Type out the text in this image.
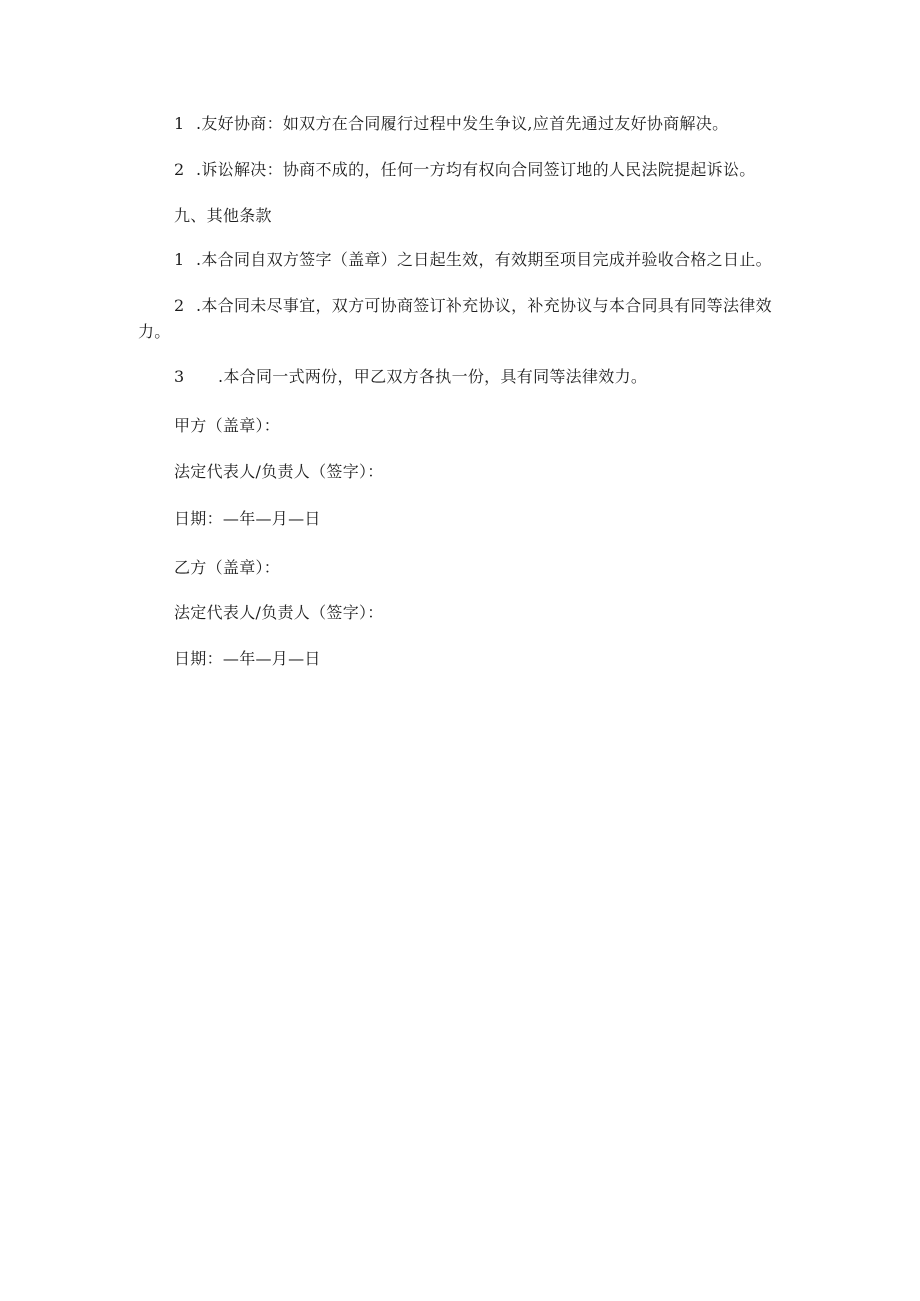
1 .友好协商：如双方在合同履行过程中发生争议,应首先通过友好协商解决。
2 .诉讼解决：协商不成的，任何一方均有权向合同签订地的人民法院提起诉讼。
九、其他条款
1 .本合同自双方签字（盖章）之日起生效，有效期至项目完成并验收合格之日止。
2 .本合同未尽事宜，双方可协商签订补充协议，补充协议与本合同具有同等法律效力。
3 .本合同一式两份，甲乙双方各执一份，具有同等法律效力。
甲方（盖章）：
法定代表人/负责人（签字）：
日期：—年—月—日
乙方（盖章）：
法定代表人/负责人（签字）：
日期：—年—月—日
